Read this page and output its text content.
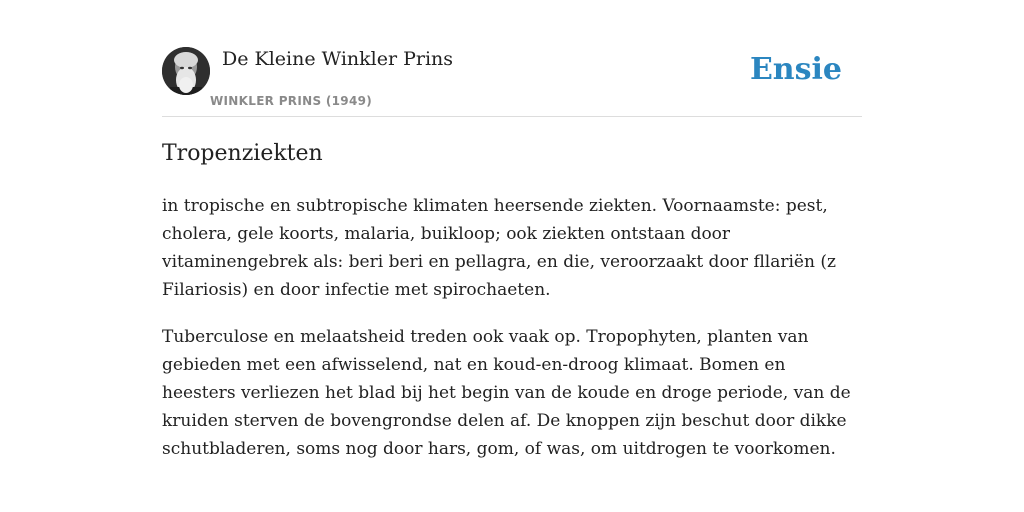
De Kleine Winkler Prins
WINKLER PRINS (1949)
Ensie
Tropenziekten

in tropische en subtropische klimaten heersende ziekten. Voornaamste: pest, cholera, gele koorts, malaria, buikloop; ook ziekten ontstaan door vitaminengebrek als: beri beri en pellagra, en die, veroorzaakt door fllariën (z Filariosis) en door infectie met spirochaeten.

Tuberculose en melaatsheid treden ook vaak op. Tropophyten, planten van gebieden met een afwisselend, nat en koud-en-droog klimaat. Bomen en heesters verliezen het blad bij het begin van de koude en droge periode, van de kruiden sterven de bovengrondse delen af. De knoppen zijn beschut door dikke schutbladeren, soms nog door hars, gom, of was, om uitdrogen te voorkomen.
